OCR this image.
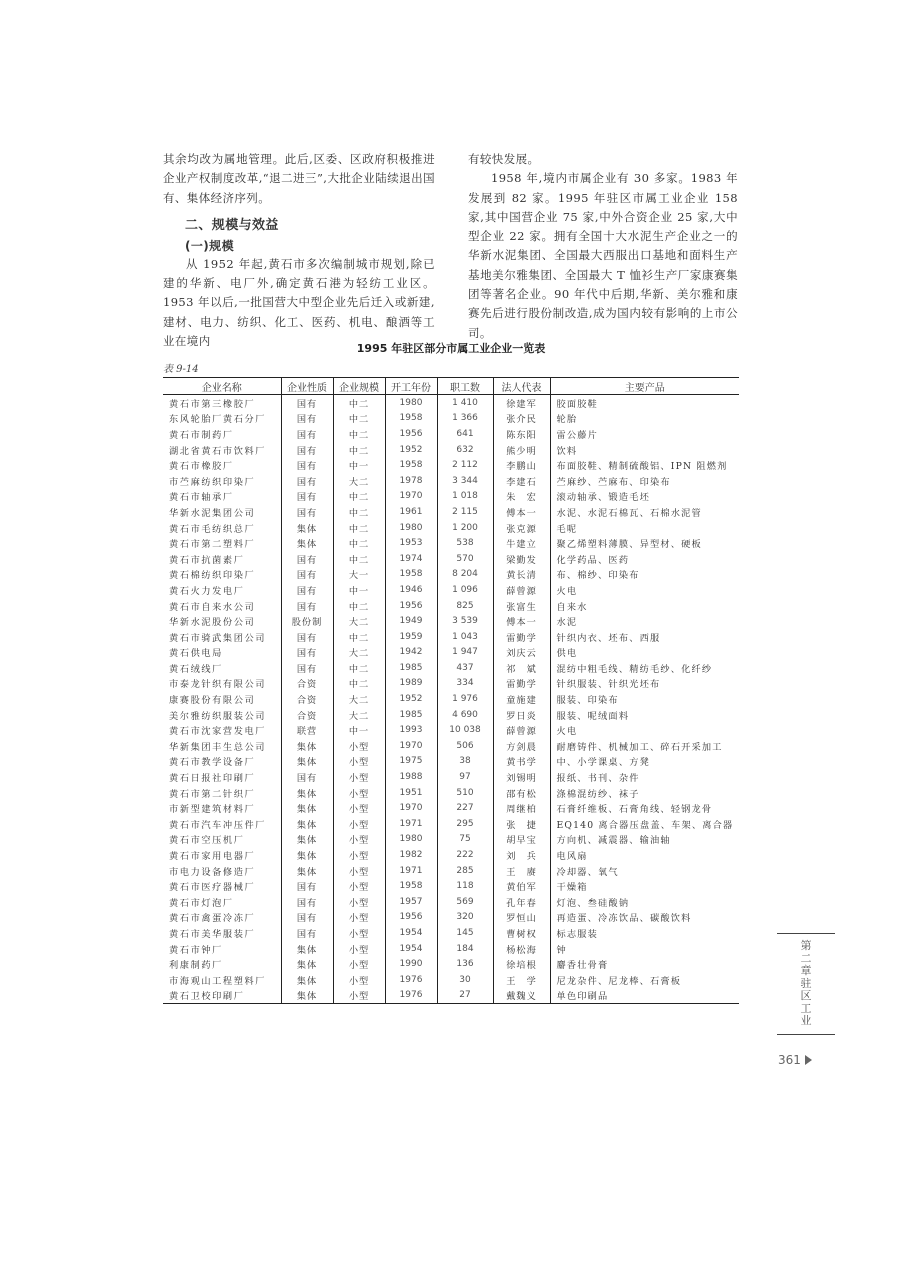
其余均改为属地管理。此后,区委、区政府积极推进企业产权制度改革,“退二进三”,大批企业陆续退出国有、集体经济序列。

二、规模与效益

(一)规模

从 1952 年起,黄石市多次编制城市规划,除已建的华新、电厂外,确定黄石港为轻纺工业区。1953 年以后,一批国营大中型企业先后迁入或新建,建材、电力、纺织、化工、医药、机电、酿酒等工业在境内

有较快发展。

1958 年,境内市属企业有 30 多家。1983 年发展到 82 家。1995 年驻区市属工业企业 158 家,其中国营企业 75 家,中外合资企业 25 家,大中型企业 22 家。拥有全国十大水泥生产企业之一的华新水泥集团、全国最大西服出口基地和面料生产基地美尔雅集团、全国最大 T 恤衫生产厂家康赛集团等著名企业。90 年代中后期,华新、美尔雅和康赛先后进行股份制改造,成为国内较有影响的上市公司。

1995 年驻区部分市属工业企业一览表
表 9-14
企业名称	企业性质	企业规模	开工年份	职工数	法人代表	主要产品
黄石市第三橡胶厂	国有	中二	1980	1 410	徐建军	胶面胶鞋
东风轮胎厂黄石分厂	国有	中二	1958	1 366	张介民	轮胎
黄石市制药厂	国有	中二	1956	641	陈东阳	雷公藤片
湖北省黄石市饮料厂	国有	中二	1952	632	熊少明	饮料
黄石市橡胶厂	国有	中一	1958	2 112	李鹏山	布面胶鞋、精制硫酸铝、IPN 阻燃剂
市苎麻纺织印染厂	国有	大二	1978	3 344	李建石	苎麻纱、苎麻布、印染布
黄石市轴承厂	国有	中二	1970	1 018	朱　宏	滚动轴承、锻造毛坯
华新水泥集团公司	国有	中二	1961	2 115	傅本一	水泥、水泥石棉瓦、石棉水泥管
黄石市毛纺织总厂	集体	中二	1980	1 200	张克源	毛呢
黄石市第二塑料厂	集体	中二	1953	538	牛建立	聚乙烯塑料薄膜、异型材、硬板
黄石市抗菌素厂	国有	中二	1974	570	梁勤发	化学药品、医药
黄石棉纺织印染厂	国有	大一	1958	8 204	黄长清	布、棉纱、印染布
黄石火力发电厂	国有	中一	1946	1 096	薛曾源	火电
黄石市自来水公司	国有	中二	1956	825	张富生	自来水
华新水泥股份公司	股份制	大二	1949	3 539	傅本一	水泥
黄石市骑武集团公司	国有	中二	1959	1 043	雷勤学	针织内衣、坯布、西服
黄石供电局	国有	大二	1942	1 947	刘庆云	供电
黄石绒线厂	国有	中二	1985	437	祁　斌	混纺中粗毛线、精纺毛纱、化纤纱
市泰龙针织有限公司	合资	中二	1989	334	雷勤学	针织服装、针织光坯布
康赛股份有限公司	合资	大二	1952	1 976	童施建	服装、印染布
美尔雅纺织服装公司	合资	大二	1985	4 690	罗日炎	服装、呢绒面料
黄石市沈家营发电厂	联营	中一	1993	10 038	薛曾源	火电
华新集团丰生总公司	集体	小型	1970	506	方剑晨	耐磨铸件、机械加工、碎石开采加工
黄石市教学设备厂	集体	小型	1975	38	黄书学	中、小学课桌、方凳
黄石日报社印刷厂	国有	小型	1988	97	刘锡明	报纸、书刊、杂件
黄石市第二针织厂	集体	小型	1951	510	邵有松	涤棉混纺纱、袜子
市新型建筑材料厂	集体	小型	1970	227	周继柏	石膏纤维板、石膏角线、轻钢龙骨
黄石市汽车冲压件厂	集体	小型	1971	295	张　捷	EQ140 离合器压盘盖、车架、离合器
黄石市空压机厂	集体	小型	1980	75	胡早宝	方向机、减震器、输油轴
黄石市家用电器厂	集体	小型	1982	222	刘　兵	电风扇
市电力设备修造厂	集体	小型	1971	285	王　赓	冷却器、氧气
黄石市医疗器械厂	国有	小型	1958	118	黄伯军	干燥箱
黄石市灯泡厂	国有	小型	1957	569	孔年春	灯泡、叁硅酸钠
黄石市禽蛋冷冻厂	国有	小型	1956	320	罗恒山	再造蛋、冷冻饮品、碳酸饮料
黄石市美华服装厂	国有	小型	1954	145	曹树权	标志服装
黄石市钟厂	集体	小型	1954	184	杨松海	钟
利康制药厂	集体	小型	1990	136	徐培根	麝香壮骨膏
市海观山工程塑料厂	集体	小型	1976	30	王　学	尼龙杂件、尼龙棒、石膏板
黄石卫校印刷厂	集体	小型	1976	27	戴魏义	单色印刷品
第二章　驻区工业
361
